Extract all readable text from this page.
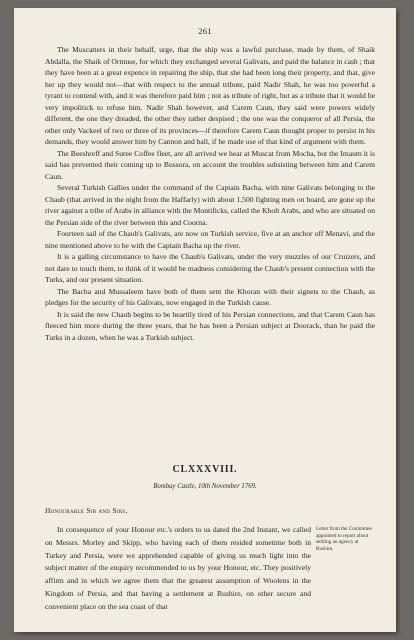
261

The Muscatters in their behalf, urge, that the ship was a lawful purchase, made by them, of Shaik Abdalla, the Shaik of Ormuse, for which they exchanged several Galivats, and paid the balance in cash ; that they have been at a great expence in repairing the ship, that she had been long their property, and that, give her up they would not—that with respect to the annual tribute, paid Nadir Shah, he was too powerful a tyrant to contend with, and it was therefore paid him ; not as tribute of right, but as a tribute that it would be very impolitick to refuse him. Nadir Shah however, and Carem Caun, they said were powers widely different, the one they dreaded, the other they rather despised ; the one was the conqueror of all Persia, the other only Vackeel of two or three of its provinces—if therefore Carem Caun thought proper to persist in his demands, they would answer him by Cannon and ball, if he made use of that kind of argument with them.

The Beeshreff and Suree Coffee fleet, are all arrived we hear at Muscat from Mocha, but the Imaum it is said has prevented their coming up to Bussora, on account the troubles subsisting between him and Carem Caun.

Several Turkish Gallies under the command of the Captain Bacha, with nine Galivats belonging to the Chaub (that arrived in the night from the Haffarly) with about 1,500 fighting men on board, are gone up the river against a tribe of Arabs in alliance with the Montificks, called the Kholt Arabs, and who are situated on the Persian side of the river between this and Coorna.

Fourteen sail of the Chaub's Galivats, are now on Turkish service, five at an anchor off Menavi, and the nine mentioned above to be with the Captain Bacha up the river.

It is a galling circumstance to have the Chaub's Galivats, under the very muzzles of our Cruizers, and not dare to touch them, to think of it would be madness considering the Chaub's present connection with the Turks, and our present situation.

The Bacha and Mussaleem have both of them sent the Khoran with their signets to the Chaub, as pledges for the security of his Galivats, now engaged in the Turkish cause.

It is said the new Chaub begins to be heartily tired of his Persian connections, and that Carem Caun has fleeced him more during the three years, that he has been a Persian subject at Doorack, than he paid the Turks in a dozen, when he was a Turkish subject.

CLXXXVIII.
Bombay Castle, 10th November 1769.
Honourable Sir and Sirs,

In consequence of your Honour etc.'s orders to us dated the 2nd Instant, we called on Messrs. Morley and Skipp, who having each of them resided sometime both in Turkey and Persia, were we apprehended capable of giving us much light into the subject matter of the enquiry recommended to us by your Honour, etc. They positively affirm and in which we agree them that the greatest assumption of Woolens in the Kingdom of Persia, and that having a settlement at Bushire, on other secure and convenient place on the sea coast of that

Letter from the Committee appointed to report about settling an agency at Bushire.
